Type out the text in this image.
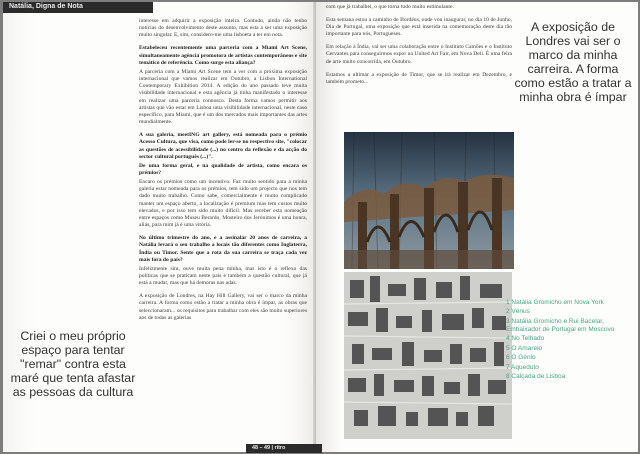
Natália, Digna de Nota

interesse em adquirir a exposição inteira. Contudo, ainda não tenho notícias do desenvolvimento deste assunto, mas esta a ser uma exposição muito singular. E, sim, considero-me uma lisboeta a ter em nota.

Estabeleceu recentemente uma parceria com a Miami Art Scene, simultaneamente agência promotora de artistas contemporâneos e site temático de referência. Como surge esta aliança?

A parceria com a Miami Art Scene tem a ver com a próxima exposição internacional que vamos realizar em Outubro, a Lisbon International Contemporary Exhibition 2014. A edição do ano passado teve muita visibilidade internacional e esta agência já tinha manifestado o interesse em realizar uma parceria connosco. Desta forma vamos permitir aos artistas que vão estar em Lisboa uma visibilidade internacional, neste caso específico, para Miami, que é um dos mercados mais importantes das artes mundialmente.

A sua galeria, meetING art gallery, está nomeada para o prémio Acesso Cultura, que visa, como pode ler-se no respectivo site, "colocar as questões de acessibilidade (...) no centro da reflexão e da acção do sector cultural português (...)".

De uma forma geral, e na qualidade de artista, como encara os prémios?

Encaro os prémios como um incentivo. Faz muito sentido para a minha galeria estar nomeada para os prémios, tem sido um projecto que nos tem dado muito trabalho. Como sabe, comercialmente é muito complicado manter um espaço aberto, a localização é premium mas tem custos muito elevados, e por isso tem sido muito difícil. Mas receber esta nomeação entre espaços como Museu Berardo, Mosteiro dos Jerónimos é uma honra, aliás, para mim já é uma vitória.

No último trimestre do ano, e a assinalar 20 anos de carreira, a Natália levará o seu trabalho a locais tão diferentes como Inglaterra, Índia ou Timor. Sente que a rota da sua carreira se traça cada vez mais fora do país?

Infelizmente sim, ouve muita pena minha, mas isto é o reflexo das políticas que se praticam neste país e também a questão cultural, que já está a mudar, mas que há demoras nas adas.

A exposição de Londres, na Hay Hill Gallery, vai ser o marco da minha carreira. A forma como estão a tratar a minha obra é ímpar, as obras que seleccionaram... os requisitos para trabalhar com eles são muito superiores aos de todas as galerias

Criei o meu próprio espaço para tentar "remar" contra esta maré que tenta afastar as pessoas da cultura

com que já trabalhei, o que torna tudo muito estimulante.

Esta semana estou a caminho de Bordéus, onde vou inaugurar, no dia 10 de Junho, Dia de Portugal, uma exposição que está inserida na comemoração deste dia tão importante para nós, Portugueses.

Em relação à Índia, vai ser uma colaboração entre o Instituto Camões e o Instituto Cervantes para conseguirmos expor na United Art Fair, em Nova Deli. É uma feira de arte muito concorrida, em Outubro.

Estamos a ultimar a exposição de Timor, que se irá realizar em Dezembro, e também prometo...

A exposição de Londres vai ser o marco da minha carreira. A forma como estão a tratar a minha obra é ímpar
1 Natália Gromicho em Nova York
2 Vénus
3 Natália Gromicho e Rui Bacelar, Embaixador de Portugal em Moscovo
4 No Telhado
5 O Amarelo
6 O Génio
7 Aqueduto
8 Calçada de Lisboa
48 – 49 | ritro
